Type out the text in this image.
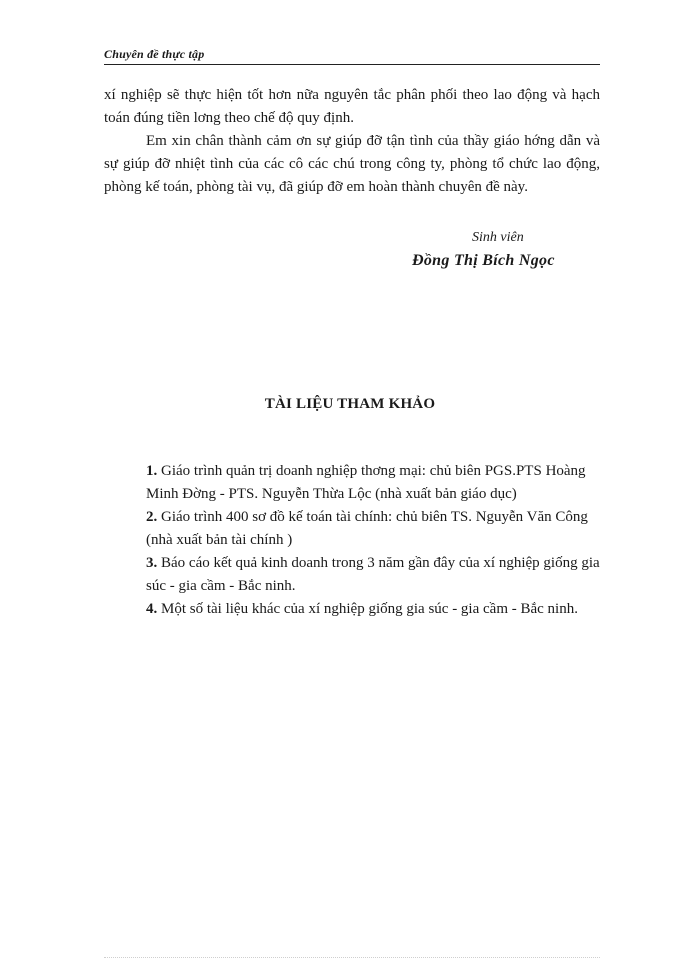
Chuyên đề thực tập

xí nghiệp sẽ thực hiện tốt hơn nữa nguyên tắc phân phối theo lao động và hạch toán đúng tiền lơng theo chế độ quy định.

Em xin chân thành cảm ơn sự giúp đỡ tận tình của thầy giáo hớng dẫn và sự giúp đỡ nhiệt tình của các cô các chú trong công ty, phòng tổ chức lao động, phòng kế toán, phòng tài vụ, đã giúp đỡ em hoàn thành chuyên đề này.

Sinh viên
Đồng Thị Bích Ngọc
TÀI LIỆU THAM KHẢO

1. Giáo trình quản trị doanh nghiệp thơng mại: chủ biên PGS.PTS Hoàng Minh Đờng - PTS. Nguyễn Thừa Lộc (nhà xuất bản giáo dục)

2. Giáo trình 400 sơ đồ kế toán tài chính: chủ biên TS. Nguyễn Văn Công (nhà xuất bản tài chính )

3. Báo cáo kết quả kinh doanh trong 3 năm gần đây của xí nghiệp giống gia súc - gia cầm - Bắc ninh.

4. Một số tài liệu khác của xí nghiệp giống gia súc - gia cầm - Bắc ninh.
